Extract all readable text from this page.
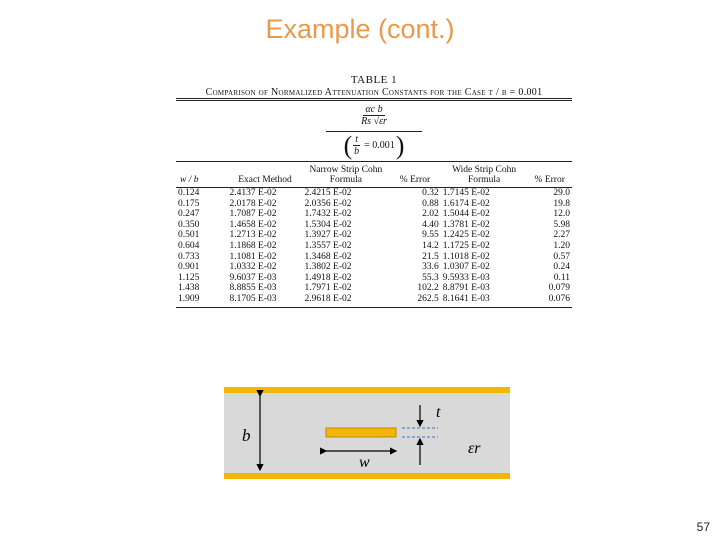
Example (cont.)
TABLE 1
Comparison of Normalized Attenuation Constants for the Case t / b = 0.001
$\frac{\text{αc b}}{Rs √\varepsilon r}$
( $\frac{t}{b} = 0.001$ )
w / b	Exact Method	Narrow Strip Cohn Formula	% Error	Wide Strip Cohn Formula	% Error

0.124	2.4137 E-02	2.4215 E-02	0.32	1.7145 E-02	29.0
0.175	2.0178 E-02	2.0356 E-02	0.88	1.6174 E-02	19.8
0.247	1.7087 E-02	1.7432 E-02	2.02	1.5044 E-02	12.0
0.350	1.4658 E-02	1.5304 E-02	4.40	1.3781 E-02	5.98
0.501	1.2713 E-02	1.3927 E-02	9.55	1.2425 E-02	2.27
0.604	1.1868 E-02	1.3557 E-02	14.2	1.1725 E-02	1.20
0.733	1.1081 E-02	1.3468 E-02	21.5	1.1018 E-02	0.57
0.901	1.0332 E-02	1.3802 E-02	33.6	1.0307 E-02	0.24
1.125	9.6037 E-03	1.4918 E-02	55.3	9.5933 E-03	0.11
1.438	8.8855 E-03	1.7971 E-02	102.2	8.8791 E-03	0.079
1.909	8.1705 E-03	2.9618 E-02	262.5	8.1641 E-03	0.076

b
t
w
εr
57
